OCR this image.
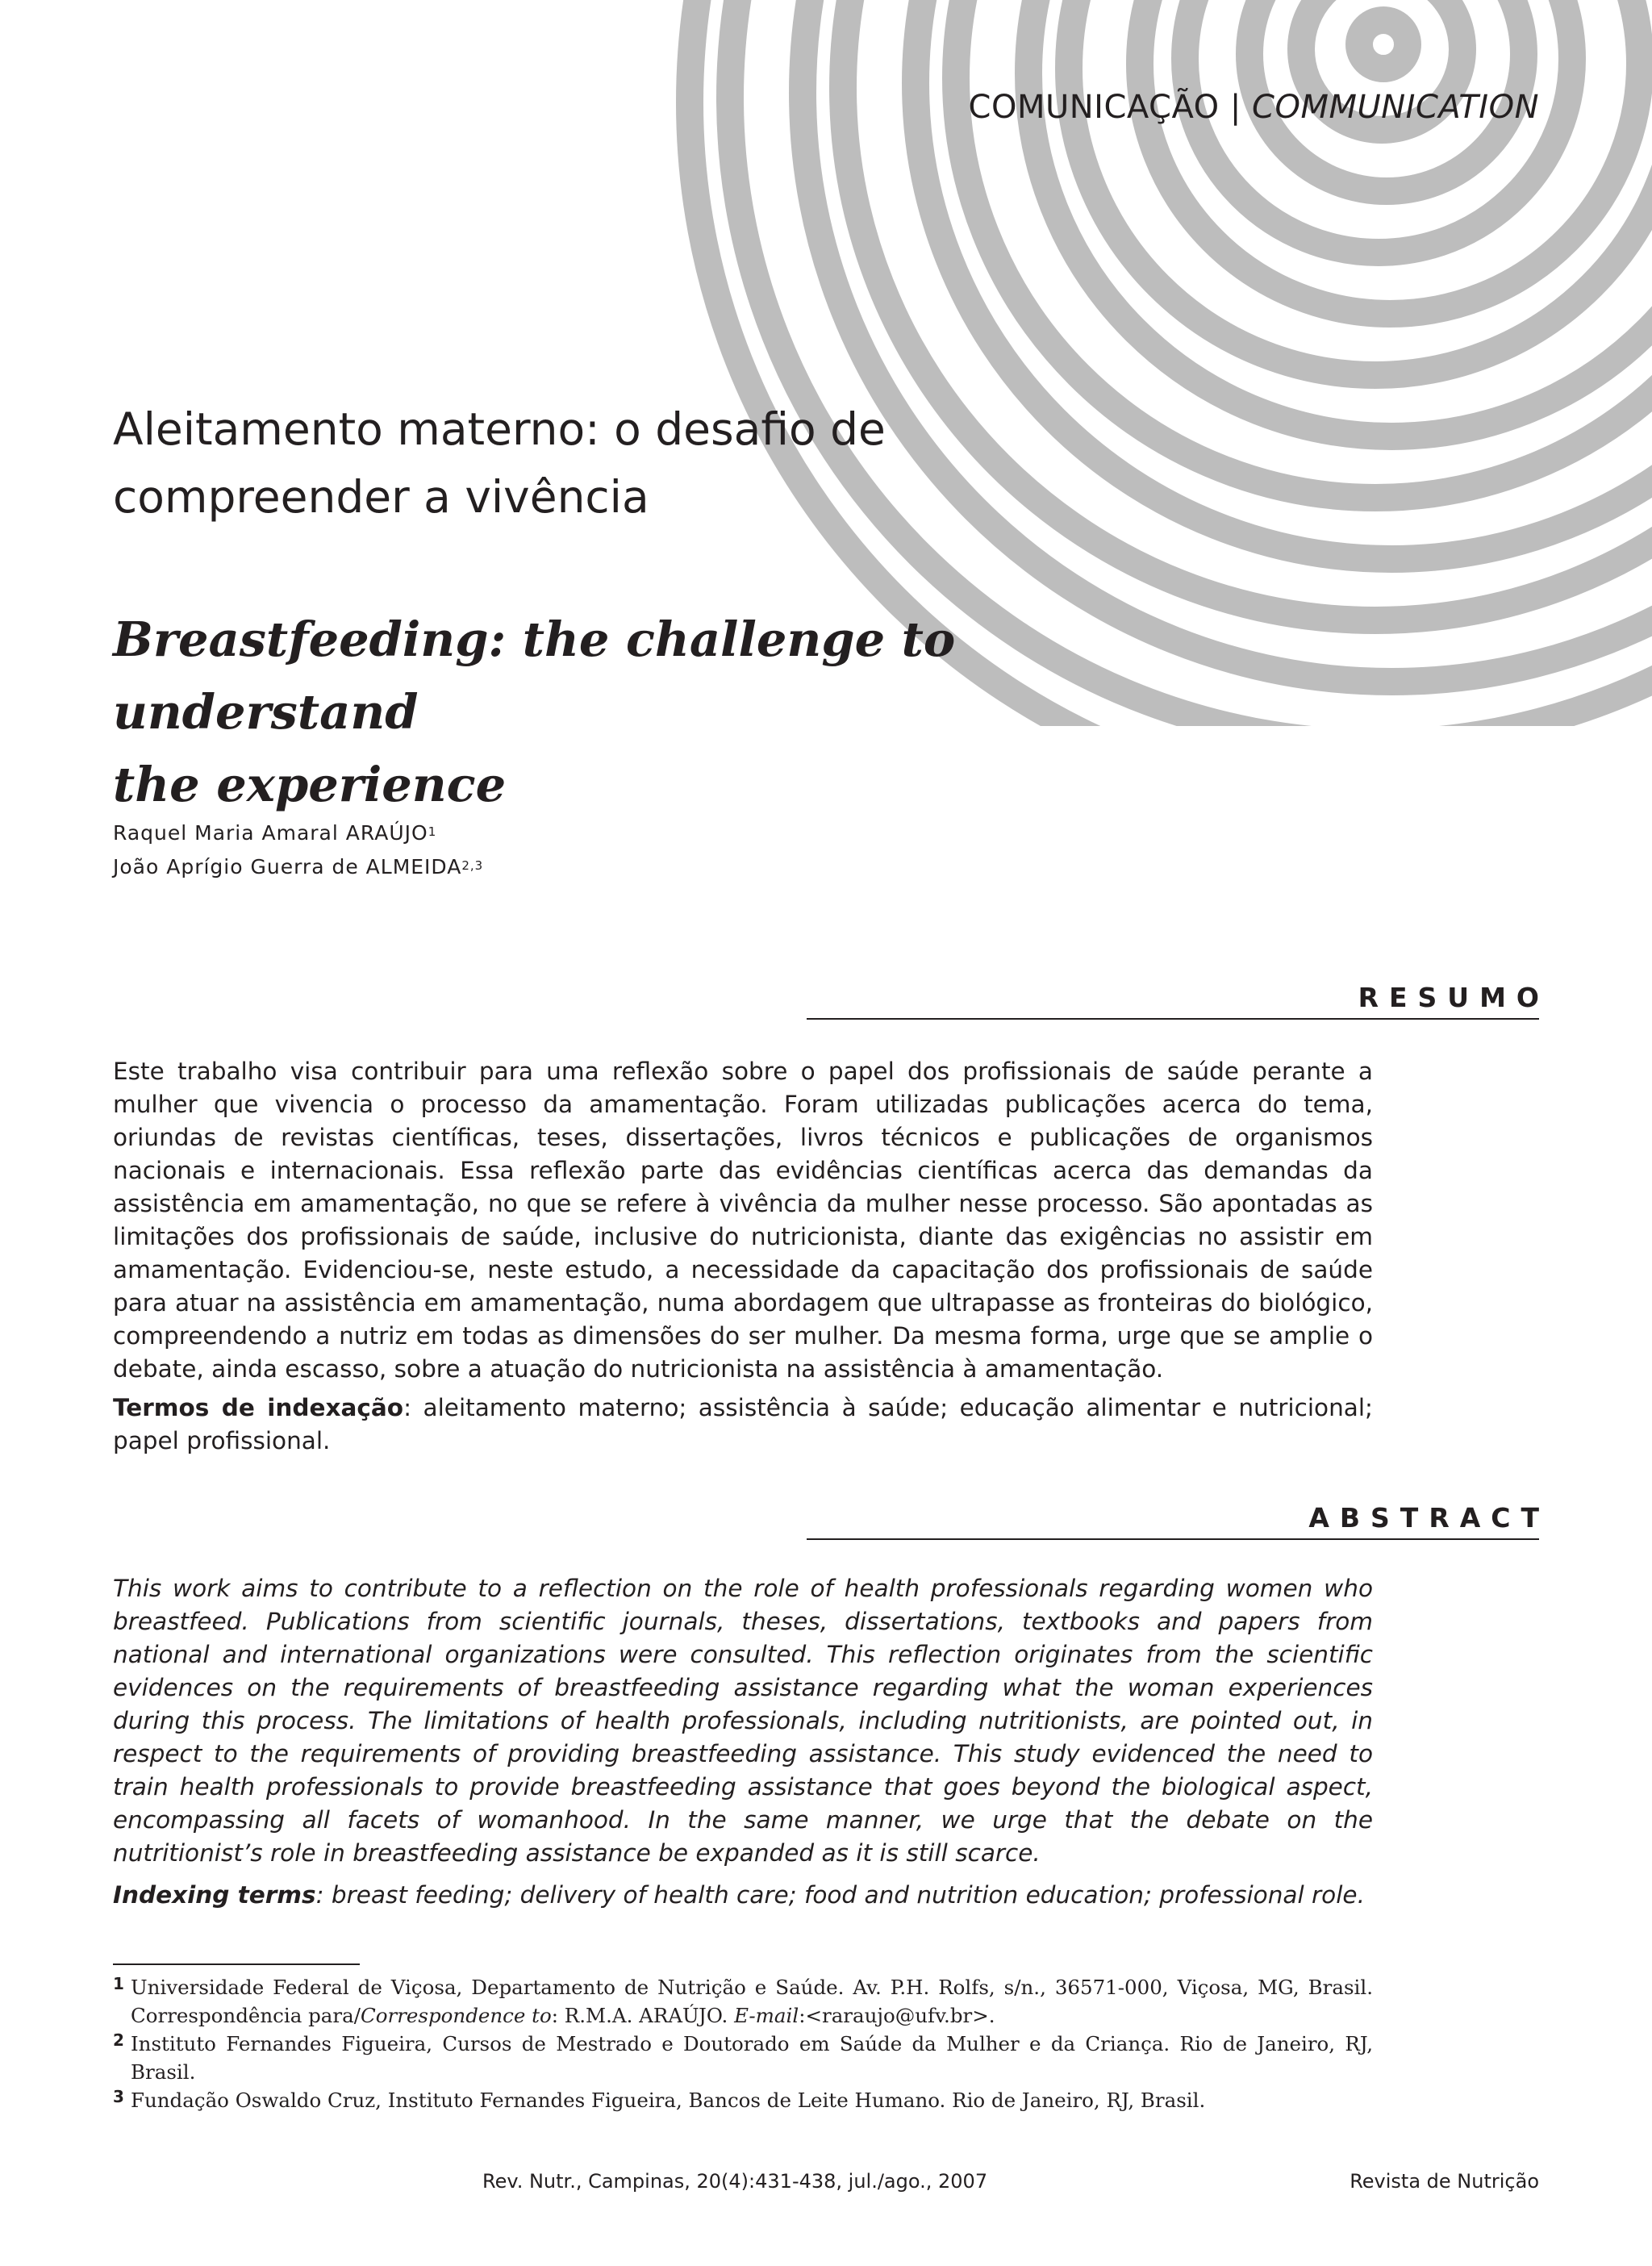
COMUNICAÇÃO | COMMUNICATION
Aleitamento materno: o desafio de
compreender a vivência
Breastfeeding: the challenge to understand
the experience
Raquel Maria Amaral ARAÚJO$^1$
João Aprígio Guerra de ALMEIDA$^{2,3}$
RESUMO

Este trabalho visa contribuir para uma reflexão sobre o papel dos profissionais de saúde perante a mulher que vivencia o processo da amamentação. Foram utilizadas publicações acerca do tema, oriundas de revistas científicas, teses, dissertações, livros técnicos e publicações de organismos nacionais e internacionais. Essa reflexão parte das evidências científicas acerca das demandas da assistência em amamentação, no que se refere à vivência da mulher nesse processo. São apontadas as limitações dos profissionais de saúde, inclusive do nutricionista, diante das exigências no assistir em amamentação. Evidenciou-se, neste estudo, a necessidade da capacitação dos profissionais de saúde para atuar na assistência em amamentação, numa abordagem que ultrapasse as fronteiras do biológico, compreendendo a nutriz em todas as dimensões do ser mulher. Da mesma forma, urge que se amplie o debate, ainda escasso, sobre a atuação do nutricionista na assistência à amamentação.

Termos de indexação: aleitamento materno; assistência à saúde; educação alimentar e nutricional; papel profissional.

ABSTRACT

This work aims to contribute to a reflection on the role of health professionals regarding women who breastfeed. Publications from scientific journals, theses, dissertations, textbooks and papers from national and international organizations were consulted. This reflection originates from the scientific evidences on the requirements of breastfeeding assistance regarding what the woman experiences during this process. The limitations of health professionals, including nutritionists, are pointed out, in respect to the requirements of providing breastfeeding assistance. This study evidenced the need to train health professionals to provide breastfeeding assistance that goes beyond the biological aspect, encompassing all facets of womanhood. In the same manner, we urge that the debate on the nutritionist’s role in breastfeeding assistance be expanded as it is still scarce.

Indexing terms: breast feeding; delivery of health care; food and nutrition education; professional role.

1 Universidade Federal de Viçosa, Departamento de Nutrição e Saúde. Av. P.H. Rolfs, s/n., 36571-000, Viçosa, MG, Brasil. Correspondência para/Correspondence to: R.M.A. ARAÚJO. E-mail:<raraujo@ufv.br>.

2 Instituto Fernandes Figueira, Cursos de Mestrado e Doutorado em Saúde da Mulher e da Criança. Rio de Janeiro, RJ, Brasil.

3 Fundação Oswaldo Cruz, Instituto Fernandes Figueira, Bancos de Leite Humano. Rio de Janeiro, RJ, Brasil.

Rev. Nutr., Campinas, 20(4):431-438, jul./ago., 2007	Revista de Nutrição
